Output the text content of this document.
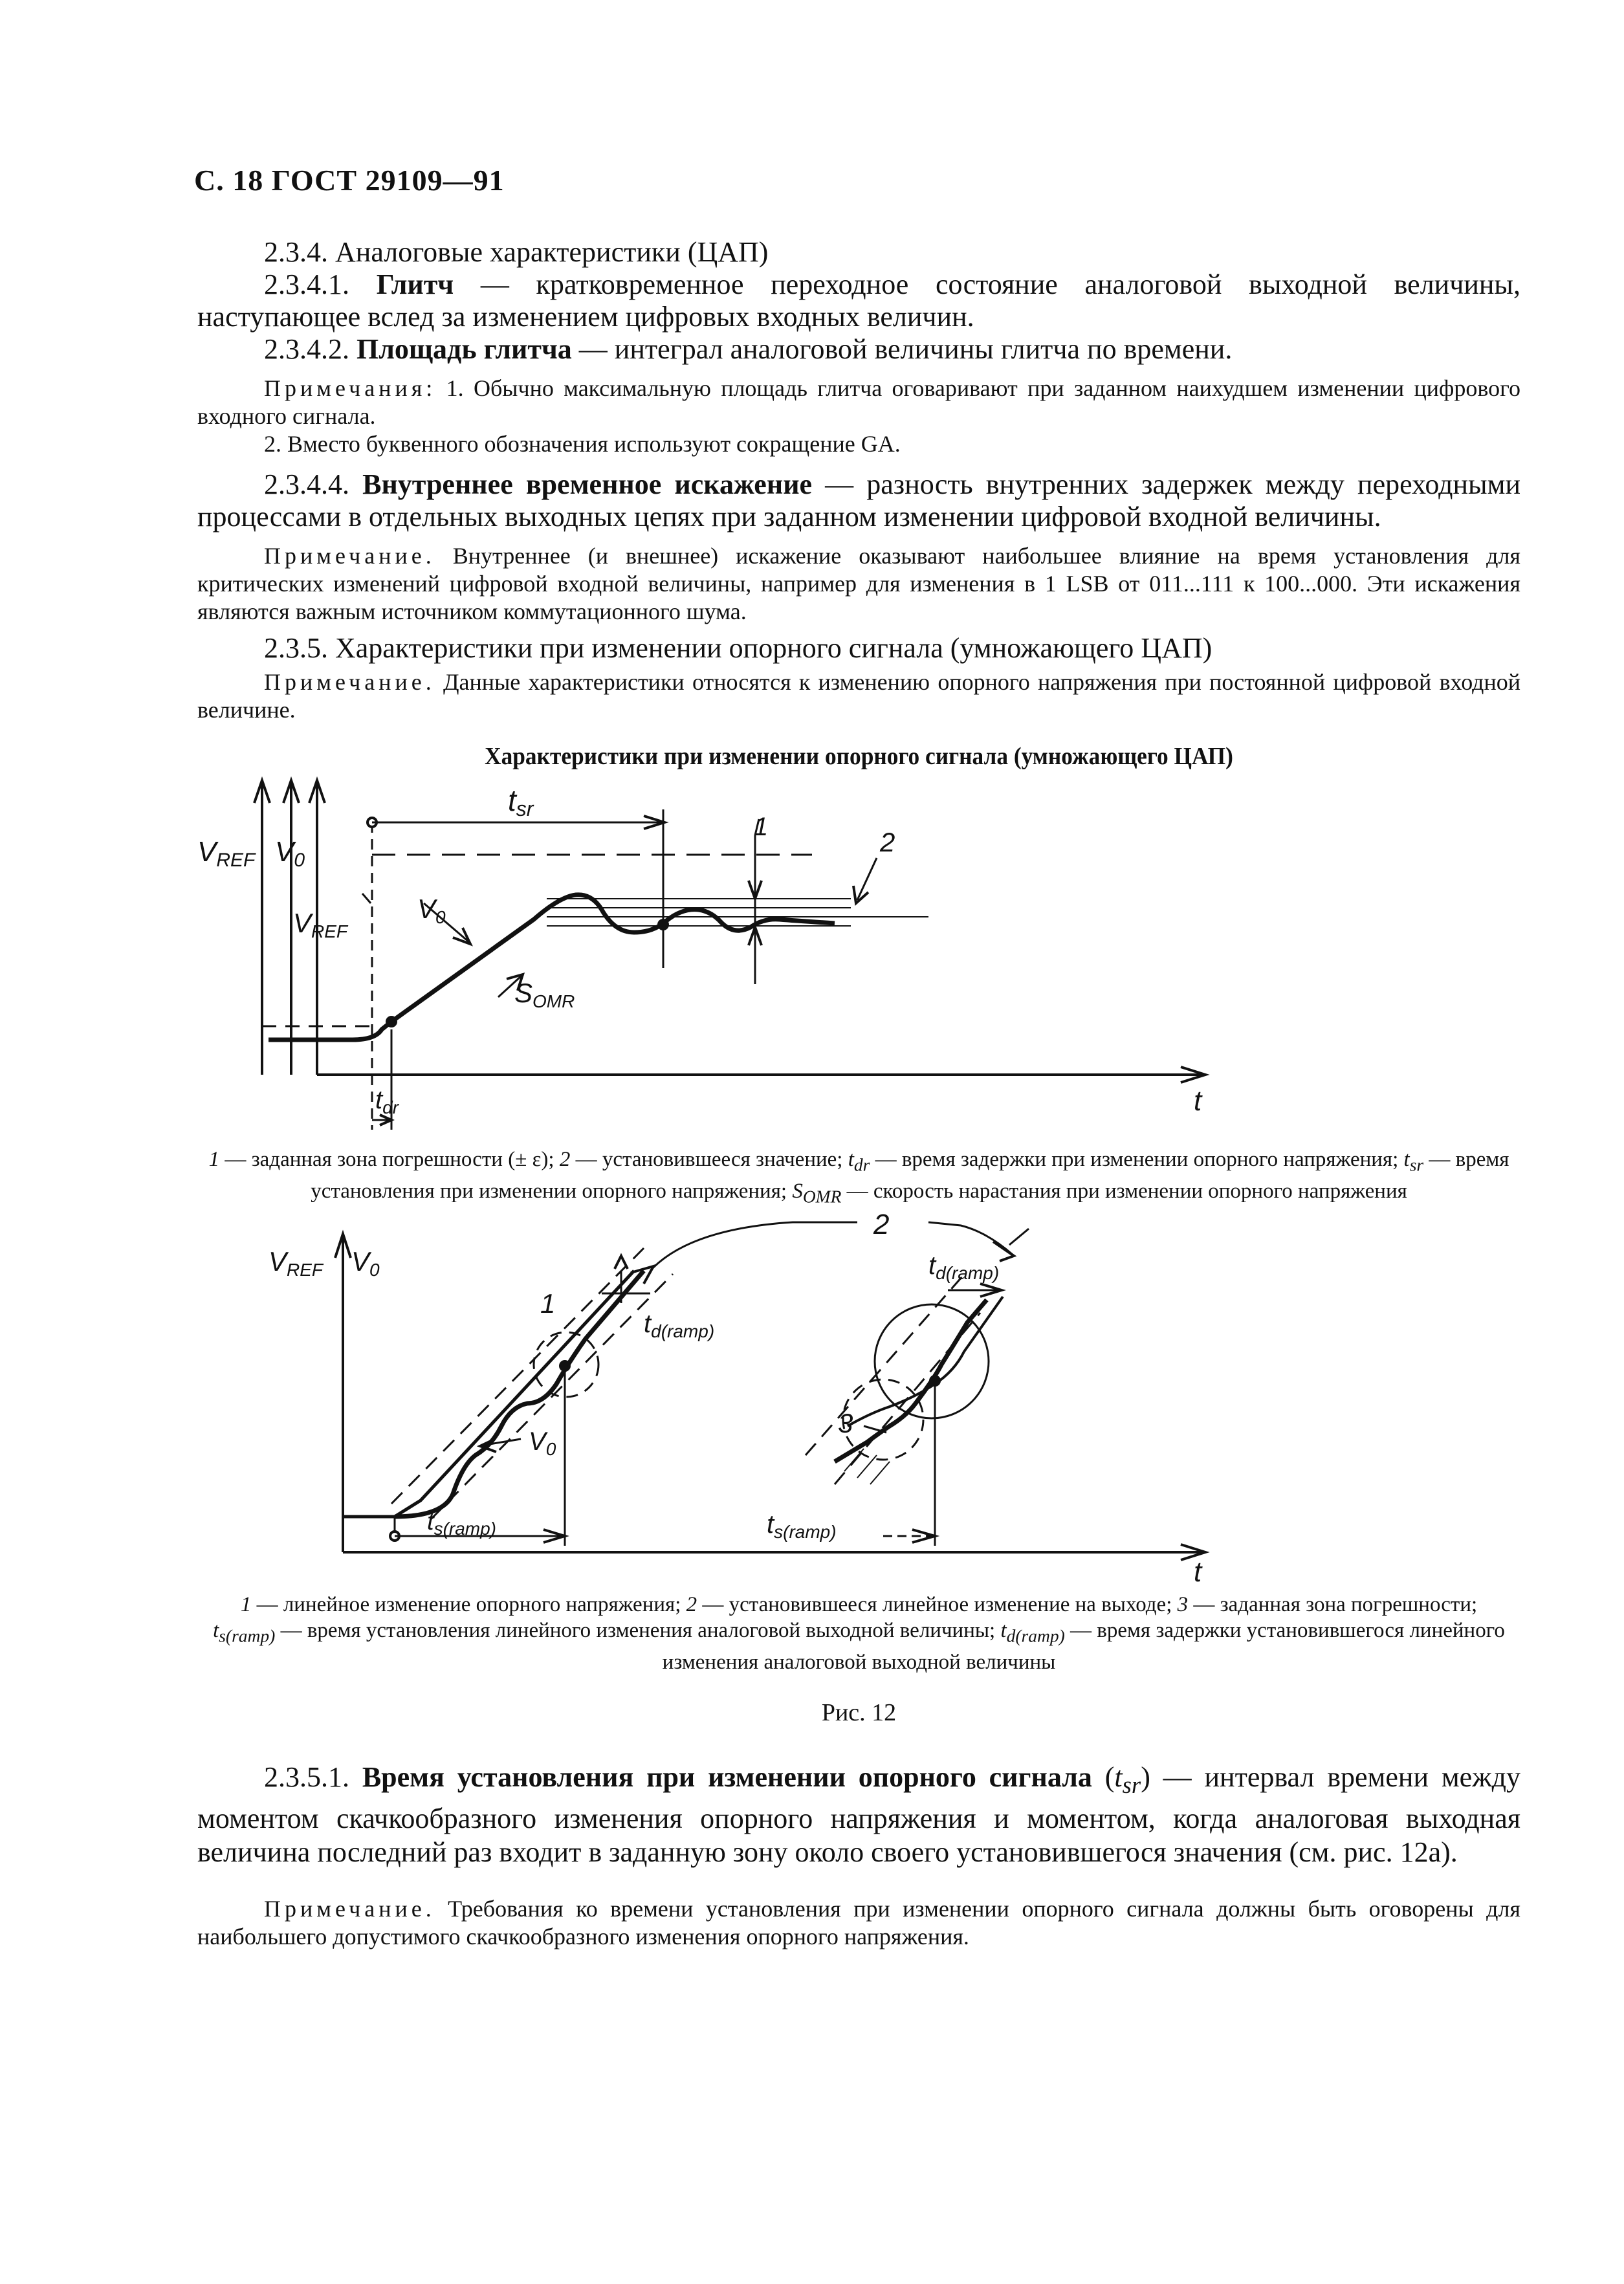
С. 18 ГОСТ 29109—91

2.3.4. Аналоговые характеристики (ЦАП)

2.3.4.1. Глитч — кратковременное переходное состояние аналоговой выходной величины, наступающее вслед за изменением цифровых входных величин.

2.3.4.2. Площадь глитча — интеграл аналоговой величины глитча по времени.

Примечания: 1. Обычно максимальную площадь глитча оговаривают при заданном наихудшем изменении цифрового входного сигнала.

2. Вместо буквенного обозначения используют сокращение GA.

2.3.4.4. Внутреннее временное искажение — разность внутренних задержек между переходными процессами в отдельных выходных цепях при заданном изменении цифровой входной величины.

Примечание. Внутреннее (и внешнее) искажение оказывают наибольшее влияние на время установления для критических изменений цифровой входной величины, например для изменения в 1 LSB от 011...111 к 100...000. Эти искажения являются важным источником коммутационного шума.

2.3.5. Характеристики при изменении опорного сигнала (умножающего ЦАП)

Примечание. Данные характеристики относятся к изменению опорного напряжения при постоянной цифровой входной величине.

Характеристики при изменении опорного сигнала (умножающего ЦАП)

VREF V0
tsr
1	2
VREF
V0
SOMR
$t_{dr}$	t
1 — заданная зона погрешности (± ε); 2 — установившееся значение; $t_{dr}$ — время задержки при изменении опорного напряжения; $t_{sr}$ — время установления при изменении опорного напряжения; $S_{OMR}$ — скорость нарастания при изменении опорного напряжения
VREF V0
2
1
$t_{d(ramp)}$
$t_{d(ramp)}$
3
$V_0$
$t_{s(ramp)}$	$t_{s(ramp)}$
t
1 — линейное изменение опорного напряжения; 2 — установившееся линейное изменение на выходе; 3 — заданная зона погрешности; $t_{s(ramp)}$ — время установления линейного изменения аналоговой выходной величины; $t_{d(ramp)}$ — время задержки установившегося линейного изменения аналоговой выходной величины

Рис. 12

2.3.5.1. Время установления при изменении опорного сигнала $(t_{sr})$ — интервал времени между моментом скачкообразного изменения опорного напряжения и моментом, когда аналоговая выходная величина последний раз входит в заданную зону около своего установившегося значения (см. рис. 12а).

Примечание. Требования ко времени установления при изменении опорного сигнала должны быть оговорены для наибольшего допустимого скачкообразного изменения опорного напряжения.
